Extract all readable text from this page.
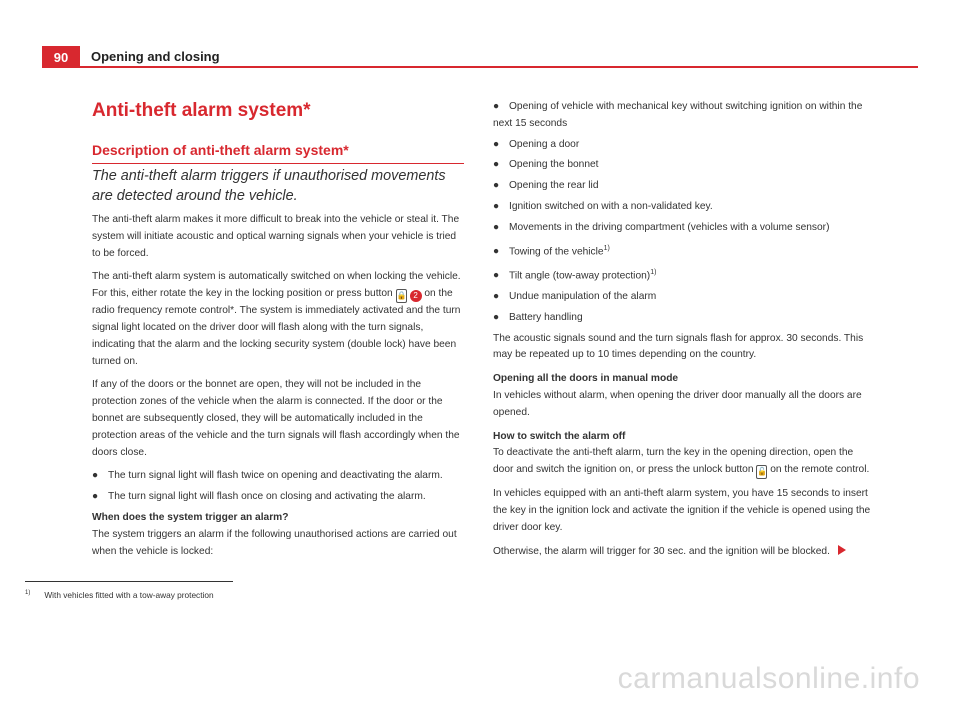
90	Opening and closing
Anti-theft alarm system*
Description of anti-theft alarm system*
The anti-theft alarm triggers if unauthorised movements are detected around the vehicle.

The anti-theft alarm makes it more difficult to break into the vehicle or steal it. The system will initiate acoustic and optical warning signals when your vehicle is tried to be forced.

The anti-theft alarm system is automatically switched on when locking the vehicle. For this, either rotate the key in the locking position or press button 🔒 2 on the radio frequency remote control*. The system is immediately activated and the turn signal light located on the driver door will flash along with the turn signals, indicating that the alarm and the locking security system (double lock) have been turned on.

If any of the doors or the bonnet are open, they will not be included in the protection zones of the vehicle when the alarm is connected. If the door or the bonnet are subsequently closed, they will be automatically included in the protection areas of the vehicle and the turn signals will flash accordingly when the doors close.

● The turn signal light will flash twice on opening and deactivating the alarm.

● The turn signal light will flash once on closing and activating the alarm.

When does the system trigger an alarm?

The system triggers an alarm if the following unauthorised actions are carried out when the vehicle is locked:

● Opening of vehicle with mechanical key without switching ignition on within the next 15 seconds

● Opening a door

● Opening the bonnet

● Opening the rear lid

● Ignition switched on with a non-validated key.

● Movements in the driving compartment (vehicles with a volume sensor)

● Towing of the vehicle$^{1)}$

● Tilt angle (tow-away protection)$^{1)}$

● Undue manipulation of the alarm

● Battery handling

The acoustic signals sound and the turn signals flash for approx. 30 seconds. This may be repeated up to 10 times depending on the country.

Opening all the doors in manual mode

In vehicles without alarm, when opening the driver door manually all the doors are opened.

How to switch the alarm off

To deactivate the anti-theft alarm, turn the key in the opening direction, open the door and switch the ignition on, or press the unlock button 🔓 on the remote control.

In vehicles equipped with an anti-theft alarm system, you have 15 seconds to insert the key in the ignition lock and activate the ignition if the vehicle is opened using the driver door key.

Otherwise, the alarm will trigger for 30 sec. and the ignition will be blocked.

$^{1)}$ With vehicles fitted with a tow-away protection
carmanualsonline.info
